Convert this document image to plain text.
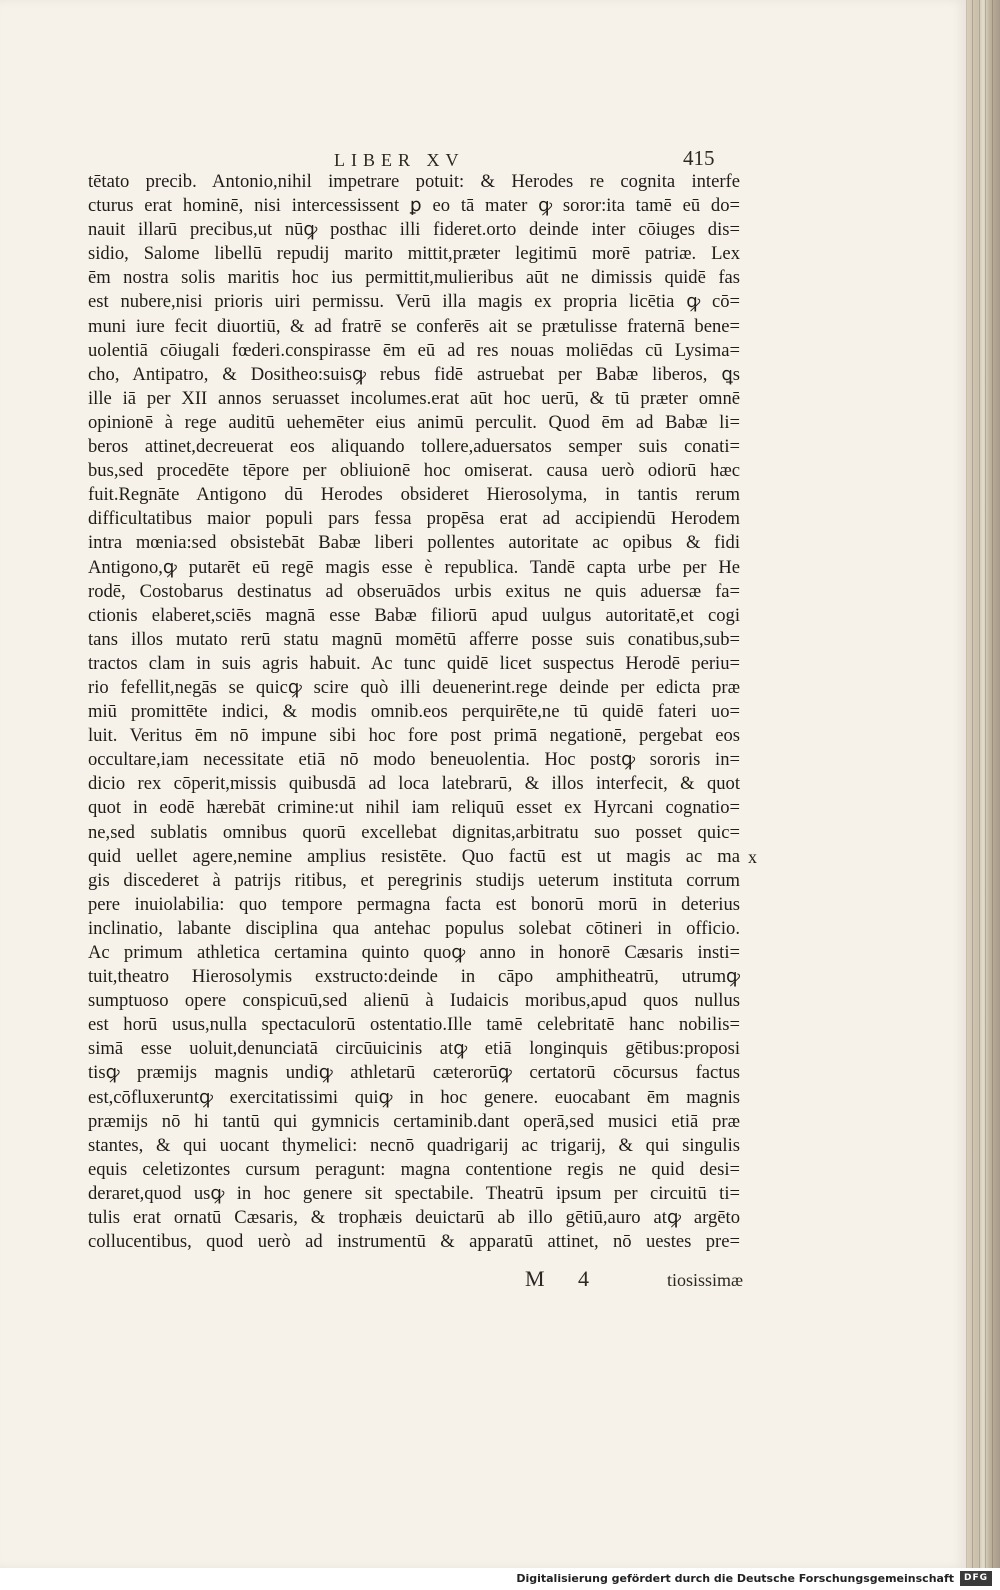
LIBER XV	415
tētato precib. Antonio,nihil impetrare potuit: & Herodes re cognita interfe
cturus erat hominē, nisi intercessissent ꝑ eo tā mater ꝙ soror:ita tamē eū do=
nauit illarū precibus,ut nūꝙ posthac illi fideret.orto deinde inter cōiuges dis=
sidio, Salome libellū repudij marito mittit,præter legitimū morē patriæ. Lex
ēm nostra solis maritis hoc ius permittit,mulieribus aūt ne dimissis quidē fas
est nubere,nisi prioris uiri permissu. Verū illa magis ex propria licētia ꝙ cō=
muni iure fecit diuortiū, & ad fratrē se conferēs ait se prætulisse fraternā bene=
uolentiā cōiugali fœderi.conspirasse ēm eū ad res nouas moliēdas cū Lysima=
cho, Antipatro, & Dositheo:suisꝙ rebus fidē astruebat per Babæ liberos, ꝗs
ille iā per XII annos seruasset incolumes.erat aūt hoc uerū, & tū præter omnē
opinionē à rege auditū uehemēter eius animū perculit. Quod ēm ad Babæ li=
beros attinet,decreuerat eos aliquando tollere,aduersatos semper suis conati=
bus,sed procedēte tēpore per obliuionē hoc omiserat. causa uerò odiorū hæc
fuit.Regnāte Antigono dū Herodes obsideret Hierosolyma, in tantis rerum
difficultatibus maior populi pars fessa propēsa erat ad accipiendū Herodem
intra mœnia:sed obsistebāt Babæ liberi pollentes autoritate ac opibus & fidi
Antigono,ꝙ putarēt eū regē magis esse è republica. Tandē capta urbe per He
rodē, Costobarus destinatus ad obseruādos urbis exitus ne quis aduersæ fa=
ctionis elaberet,sciēs magnā esse Babæ filiorū apud uulgus autoritatē,et cogi
tans illos mutato rerū statu magnū momētū afferre posse suis conatibus,sub=
tractos clam in suis agris habuit. Ac tunc quidē licet suspectus Herodē periu=
rio fefellit,negās se quicꝙ scire quò illi deuenerint.rege deinde per edicta præ
miū promittēte indici, & modis omnib.eos perquirēte,ne tū quidē fateri uo=
luit. Veritus ēm nō impune sibi hoc fore post primā negationē, pergebat eos
occultare,iam necessitate etiā nō modo beneuolentia. Hoc postꝙ sororis in=
dicio rex cōperit,missis quibusdā ad loca latebrarū, & illos interfecit, & quot
quot in eodē hærebāt crimine:ut nihil iam reliquū esset ex Hyrcani cognatio=
ne,sed sublatis omnibus quorū excellebat dignitas,arbitratu suo posset quic=
quid uellet agere,nemine amplius resistēte. Quo factū est ut magis ac ma
gis discederet à patrijs ritibus, et peregrinis studijs ueterum instituta corrum
pere inuiolabilia: quo tempore permagna facta est bonorū morū in deterius
inclinatio, labante disciplina qua antehac populus solebat cōtineri in officio.
Ac primum athletica certamina quinto quoꝙ anno in honorē Cæsaris insti=
tuit,theatro Hierosolymis exstructo:deinde in cāpo amphitheatrū, utrumꝙ
sumptuoso opere conspicuū,sed alienū à Iudaicis moribus,apud quos nullus
est horū usus,nulla spectaculorū ostentatio.Ille tamē celebritatē hanc nobilis=
simā esse uoluit,denunciatā circūuicinis atꝙ etiā longinquis gētibus:proposi
tisꝙ præmijs magnis undiꝙ athletarū cæterorūꝙ certatorū cōcursus factus
est,cōfluxeruntꝙ exercitatissimi quiꝙ in hoc genere. euocabant ēm magnis
præmijs nō hi tantū qui gymnicis certaminib.dant operā,sed musici etiā præ
stantes, & qui uocant thymelici: necnō quadrigarij ac trigarij, & qui singulis
equis celetizontes cursum peragunt: magna contentione regis ne quid desi=
deraret,quod usꝙ in hoc genere sit spectabile. Theatrū ipsum per circuitū ti=
tulis erat ornatū Cæsaris, & trophæis deuictarū ab illo gētiū,auro atꝙ argēto
collucentibus, quod uerò ad instrumentū & apparatū attinet, nō uestes pre=
x
M 4	tiosissimæ
Digitalisierung gefördert durch die Deutsche Forschungsgemeinschaft	DFG
